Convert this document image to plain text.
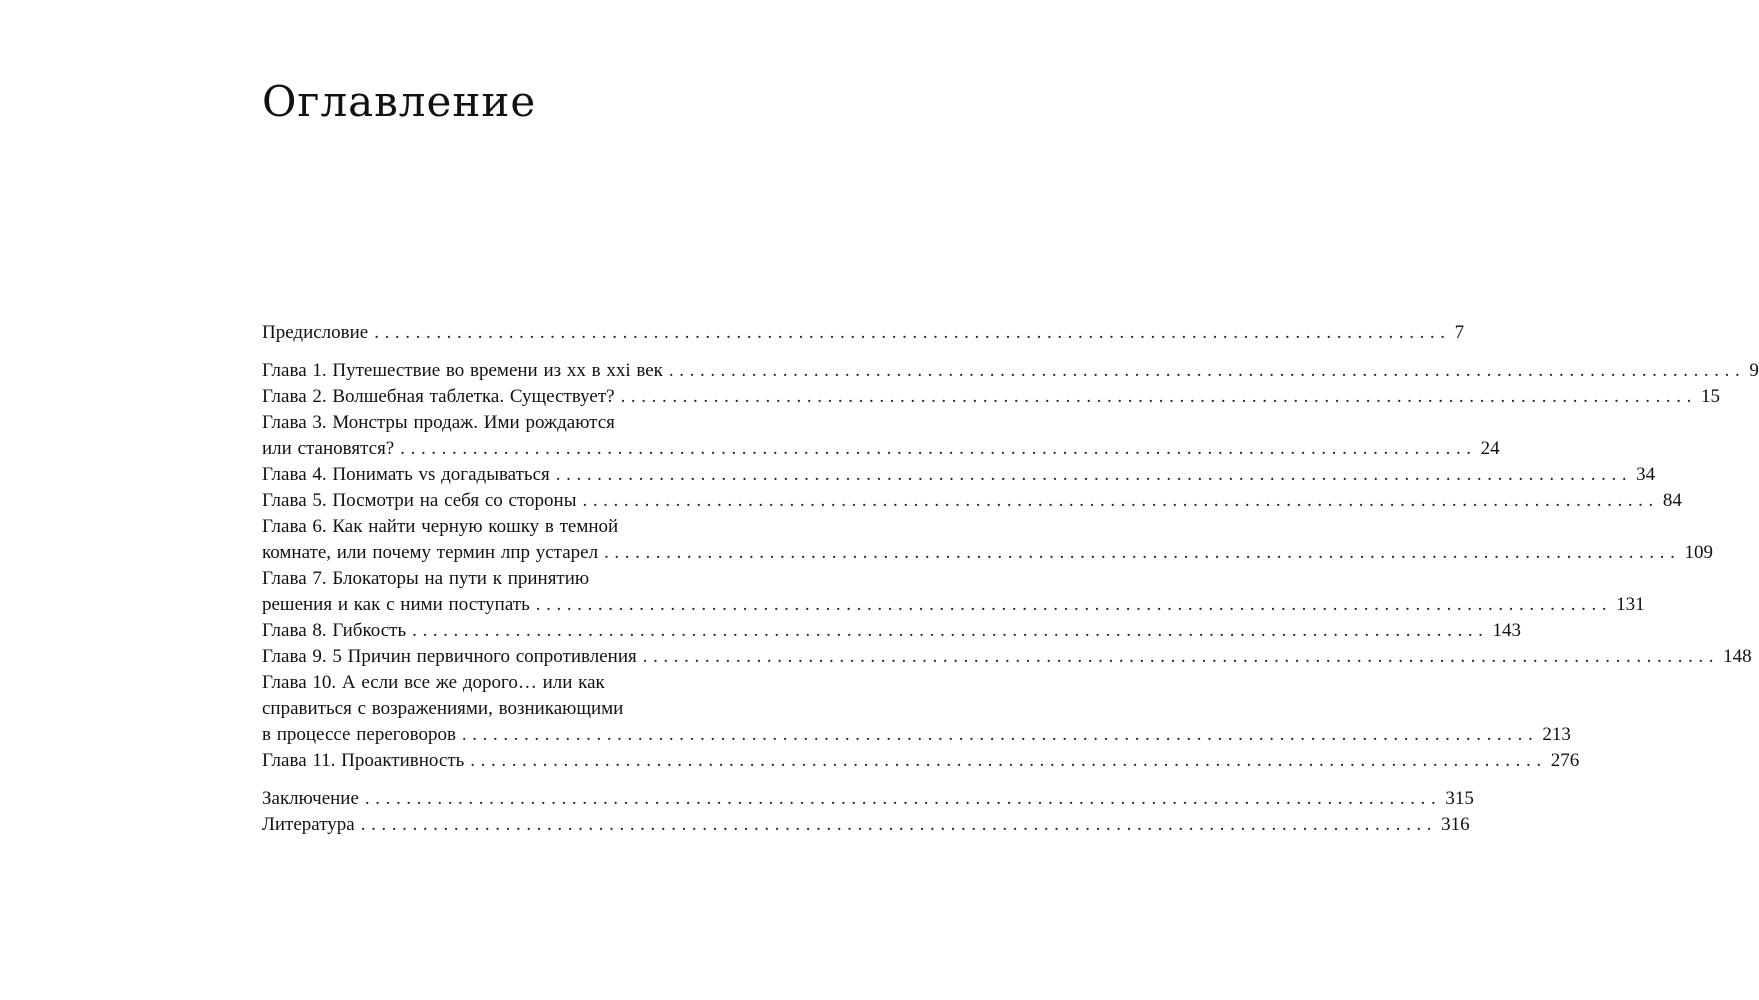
Оглавление
Предисловие ........................................................................................................ 7
Глава 1. Путешествие во времени из хх в ххi век ........................................................................................................ 9
Глава 2. Волшебная таблетка. Существует? ........................................................................................................ 15
Глава 3. Монстры продаж. Ими рождаются
или становятся? ........................................................................................................ 24
Глава 4. Понимать vs догадываться ........................................................................................................ 34
Глава 5. Посмотри на себя со стороны ........................................................................................................ 84
Глава 6. Как найти черную кошку в темной
комнате, или почему термин лпр устарел ........................................................................................................ 109
Глава 7. Блокаторы на пути к принятию
решения и как с ними поступать ........................................................................................................ 131
Глава 8. Гибкость ........................................................................................................ 143
Глава 9. 5 Причин первичного сопротивления ........................................................................................................ 148
Глава 10. А если все же дорого… или как
справиться с возражениями, возникающими
в процессе переговоров ........................................................................................................ 213
Глава 11. Проактивность ........................................................................................................ 276
Заключение ........................................................................................................ 315
Литература ........................................................................................................ 316
